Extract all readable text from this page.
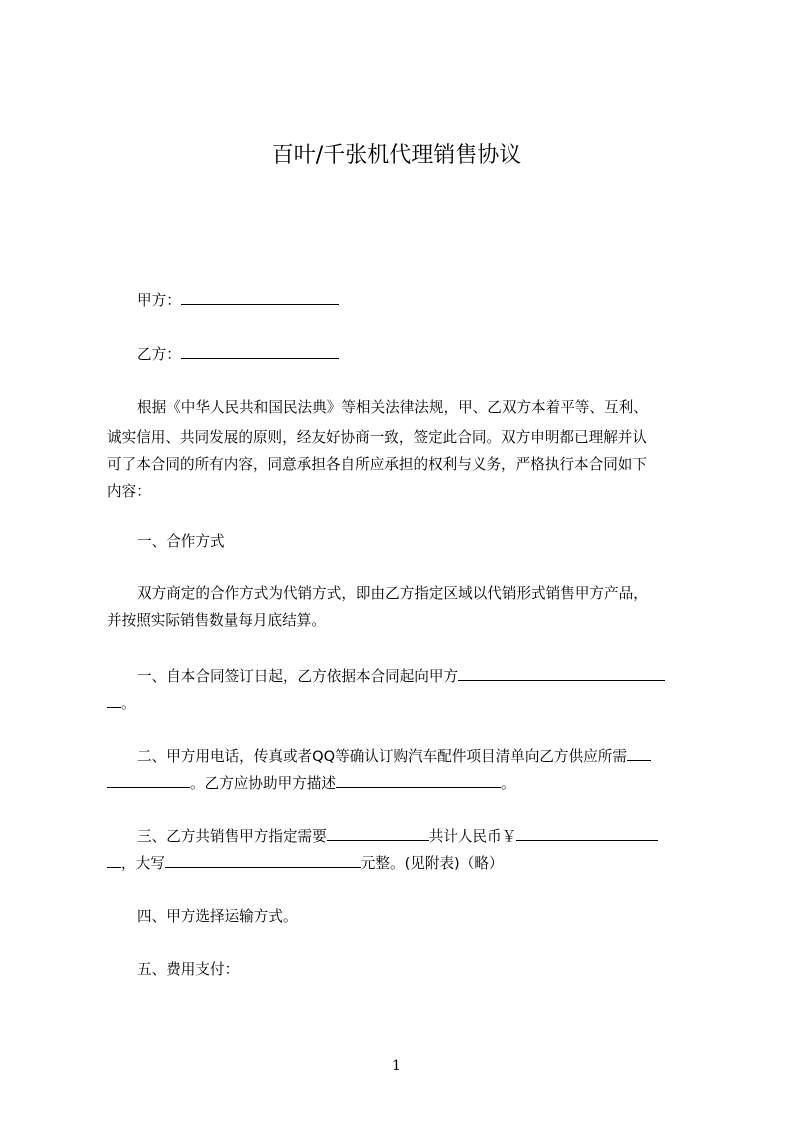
百叶/千张机代理销售协议
甲方：
乙方：
根据《中华人民共和国民法典》等相关法律法规，甲、乙双方本着平等、互利、
诚实信用、共同发展的原则，经友好协商一致，签定此合同。双方申明都已理解并认
可了本合同的所有内容，同意承担各自所应承担的权利与义务，严格执行本合同如下
内容：
一、合作方式
双方商定的合作方式为代销方式，即由乙方指定区域以代销形式销售甲方产品，
并按照实际销售数量每月底结算。
一、自本合同签订日起，乙方依据本合同起向甲方
。
二、甲方用电话，传真或者QQ等确认订购汽车配件项目清单向乙方供应所需
。乙方应协助甲方描述	。
三、乙方共销售甲方指定需要	共计人民币￥
，大写	元整。(见附表)（略）
四、甲方选择运输方式。
五、费用支付：
1
